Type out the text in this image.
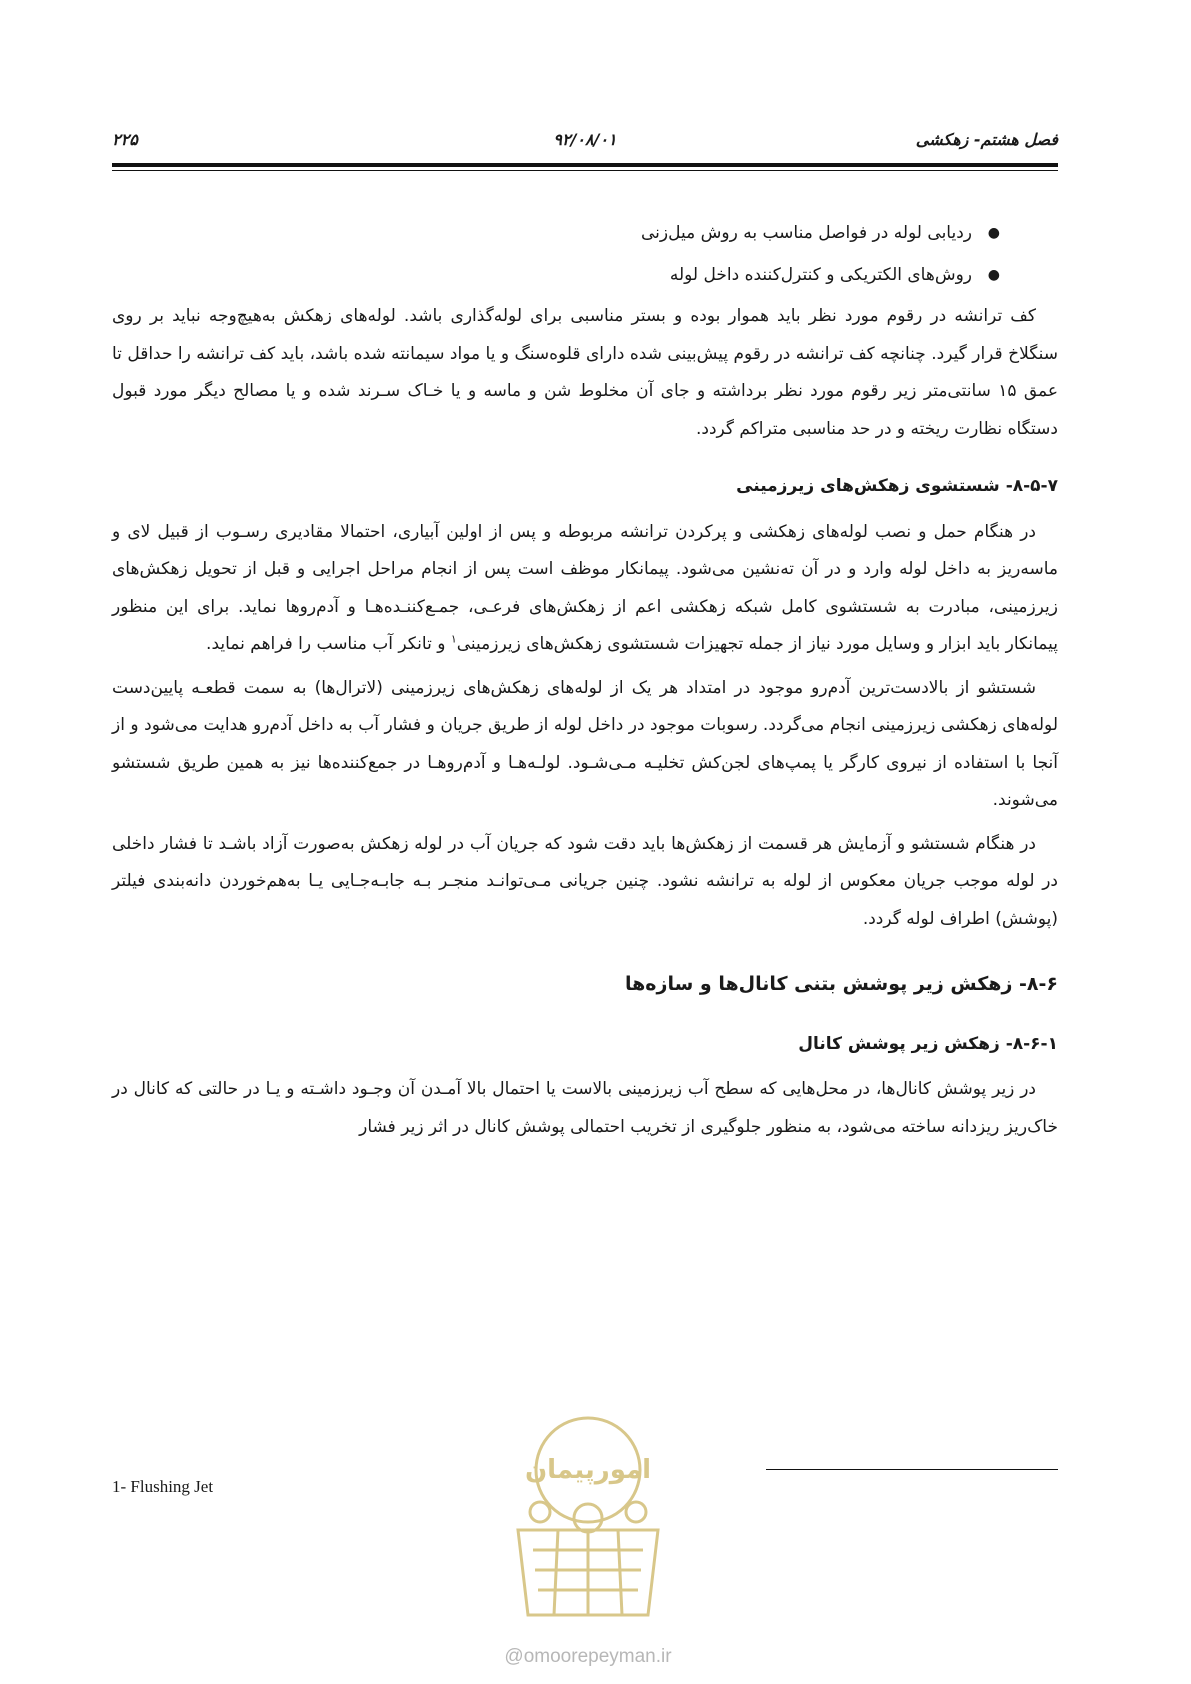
فصل هشتم- زهکشی
۹۲/۰۸/۰۱
۲۲۵
●
ردیابی لوله در فواصل مناسب به روش میل‌زنی
●
روش‌های الکتریکی و کنترل‌کننده داخل لوله

کف ترانشه در رقوم مورد نظر باید هموار بوده و بستر مناسبی برای لوله‌گذاری باشد. لوله‌های زهکش به‌هیچ‌وجه نباید بر روی سنگلاخ قرار گیرد. چنانچه کف ترانشه در رقوم پیش‌بینی شده دارای قلوه‌سنگ و یا مواد سیمانته شده باشد، باید کف ترانشه را حداقل تا عمق ۱۵ سانتی‌متر زیر رقوم مورد نظر برداشته و جای آن مخلوط شن و ماسه و یا خـاک سـرند شده و یا مصالح دیگر مورد قبول دستگاه نظارت ریخته و در حد مناسبی متراکم گردد.

۸-۵-۷- شستشوی زهکش‌های زیرزمینی

در هنگام حمل و نصب لوله‌های زهکشی و پرکردن ترانشه مربوطه و پس از اولین آبیاری، احتمالا مقادیری رسـوب از قبیل لای و ماسه‌ریز به داخل لوله وارد و در آن ته‌نشین می‌شود. پیمانکار موظف است پس از انجام مراحل اجرایی و قبل از تحویل زهکش‌های زیرزمینی، مبادرت به شستشوی کامل شبکه زهکشی اعم از زهکش‌های فرعـی، جمـع‌کننـده‌هـا و آدم‌روها نماید. برای این منظور پیمانکار باید ابزار و وسایل مورد نیاز از جمله تجهیزات شستشوی زهکش‌های زیرزمینی$^۱$ و تانکر آب مناسب را فراهم نماید.

شستشو از بالادست‌ترین آدم‌رو موجود در امتداد هر یک از لوله‌های زهکش‌های زیرزمینی (لاترال‌ها) به سمت قطعـه پایین‌دست لوله‌های زهکشی زیرزمینی انجام می‌گردد. رسوبات موجود در داخل لوله از طریق جریان و فشار آب به داخل آدم‌رو هدایت می‌شود و از آنجا با استفاده از نیروی کارگر یا پمپ‌های لجن‌کش تخلیـه مـی‌شـود. لولـه‌هـا و آدم‌روهـا در جمع‌کننده‌ها نیز به همین طریق شستشو می‌شوند.

در هنگام شستشو و آزمایش هر قسمت از زهکش‌ها باید دقت شود که جریان آب در لوله زهکش به‌صورت آزاد باشـد تا فشار داخلی در لوله موجب جریان معکوس از لوله به ترانشه نشود. چنین جریانی مـی‌توانـد منجـر بـه جابـه‌جـایی یـا به‌هم‌خوردن دانه‌بندی فیلتر (پوشش) اطراف لوله گردد.

۸-۶- زهکش زیر پوشش بتنی کانال‌ها و سازه‌ها

۸-۶-۱- زهکش زیر پوشش کانال

در زیر پوشش کانال‌ها، در محل‌هایی که سطح آب زیرزمینی بالاست یا احتمال بالا آمـدن آن وجـود داشـته و یـا در حالتی که کانال در خاک‌ریز ریزدانه ساخته می‌شود، به منظور جلوگیری از تخریب احتمالی پوشش کانال در اثر زیر فشار

1- Flushing Jet
امورپیمان
@omoorepeyman.ir
